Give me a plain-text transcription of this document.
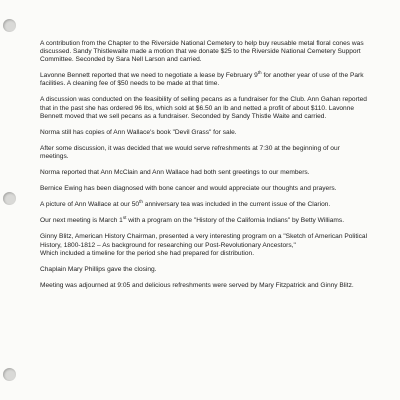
A contribution from the Chapter to the Riverside National Cemetery to help buy reusable metal floral cones was discussed. Sandy Thistlewaite made a motion that we donate $25 to the Riverside National Cemetery Support Committee. Seconded by Sara Nell Larson and carried.

Lavonne Bennett reported that we need to negotiate a lease by February 9th for another year of use of the Park facilities. A cleaning fee of $50 needs to be made at that time.

A discussion was conducted on the feasibility of selling pecans as a fundraiser for the Club. Ann Gahan reported that in the past she has ordered 96 lbs, which sold at $6.50 an lb and netted a profit of about $110. Lavonne Bennett moved that we sell pecans as a fundraiser. Seconded by Sandy Thistle Waite and carried.

Norma still has copies of Ann Wallace's book "Devil Grass" for sale.

After some discussion, it was decided that we would serve refreshments at 7:30 at the beginning of our meetings.

Norma reported that Ann McClain and Ann Wallace had both sent greetings to our members.

Bernice Ewing has been diagnosed with bone cancer and would appreciate our thoughts and prayers.

A picture of Ann Wallace at our 50th anniversary tea was included in the current issue of the Clarion.

Our next meeting is March 1st with a program on the "History of the California Indians" by Betty Williams.

Ginny Blitz, American History Chairman, presented a very interesting program on a "Sketch of American Political History, 1800-1812 – As background for researching our Post-Revolutionary Ancestors,"

Which included a timeline for the period she had prepared for distribution.

Chaplain Mary Phillips gave the closing.

Meeting was adjourned at 9:05 and delicious refreshments were served by Mary Fitzpatrick and Ginny Blitz.
